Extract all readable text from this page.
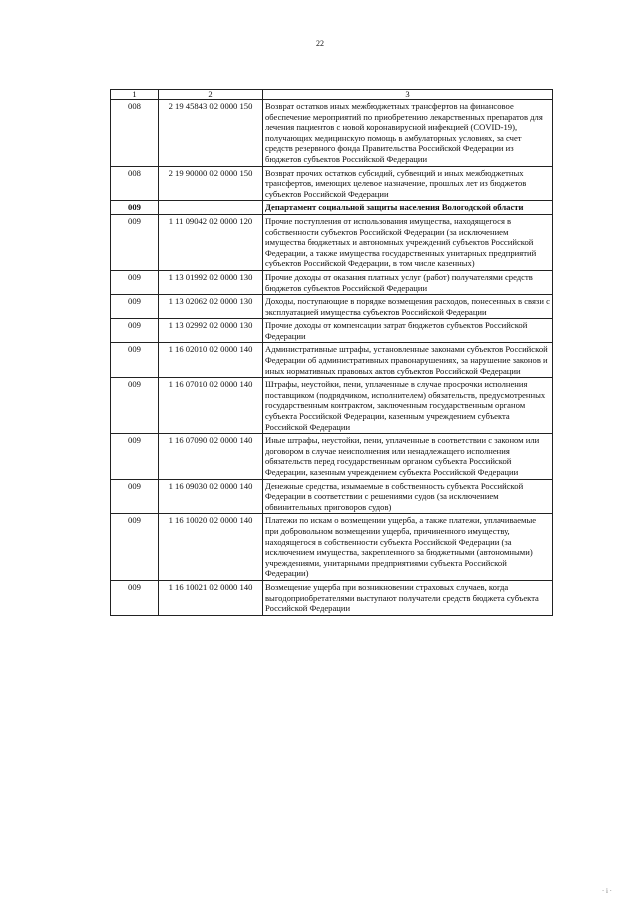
22
1	2	3
008	2 19 45843 02 0000 150	Возврат остатков иных межбюджетных трансфертов на финансовое обеспечение мероприятий по приобретению лекарственных препаратов для лечения пациентов с новой коронавирусной инфекцией (COVID-19), получающих медицинскую помощь в амбулаторных условиях, за счет средств резервного фонда Правительства Российской Федерации из бюджетов субъектов Российской Федерации
008	2 19 90000 02 0000 150	Возврат прочих остатков субсидий, субвенций и иных межбюджетных трансфертов, имеющих целевое назначение, прошлых лет из бюджетов субъектов Российской Федерации
009		Департамент социальной защиты населения Вологодской области
009	1 11 09042 02 0000 120	Прочие поступления от использования имущества, находящегося в собственности субъектов Российской Федерации (за исключением имущества бюджетных и автономных учреждений субъектов Российской Федерации, а также имущества государственных унитарных предприятий субъектов Российской Федерации, в том числе казенных)
009	1 13 01992 02 0000 130	Прочие доходы от оказания платных услуг (работ) получателями средств бюджетов субъектов Российской Федерации
009	1 13 02062 02 0000 130	Доходы, поступающие в порядке возмещения расходов, понесенных в связи с эксплуатацией имущества субъектов Российской Федерации
009	1 13 02992 02 0000 130	Прочие доходы от компенсации затрат бюджетов субъектов Российской Федерации
009	1 16 02010 02 0000 140	Административные штрафы, установленные законами субъектов Российской Федерации об административных правонарушениях, за нарушение законов и иных нормативных правовых актов субъектов Российской Федерации
009	1 16 07010 02 0000 140	Штрафы, неустойки, пени, уплаченные в случае просрочки исполнения поставщиком (подрядчиком, исполнителем) обязательств, предусмотренных государственным контрактом, заключенным государственным органом субъекта Российской Федерации, казенным учреждением субъекта Российской Федерации
009	1 16 07090 02 0000 140	Иные штрафы, неустойки, пени, уплаченные в соответствии с законом или договором в случае неисполнения или ненадлежащего исполнения обязательств перед государственным органом субъекта Российской Федерации, казенным учреждением субъекта Российской Федерации
009	1 16 09030 02 0000 140	Денежные средства, изымаемые в собственность субъекта Российской Федерации в соответствии с решениями судов (за исключением обвинительных приговоров судов)
009	1 16 10020 02 0000 140	Платежи по искам о возмещении ущерба, а также платежи, уплачиваемые при добровольном возмещении ущерба, причиненного имуществу, находящегося в собственности субъекта Российской Федерации (за исключением имущества, закрепленного за бюджетными (автономными) учреждениями, унитарными предприятиями субъекта Российской Федерации)
009	1 16 10021 02 0000 140	Возмещение ущерба при возникновении страховых случаев, когда выгодоприобретателями выступают получатели средств бюджета субъекта Российской Федерации
· i ·
